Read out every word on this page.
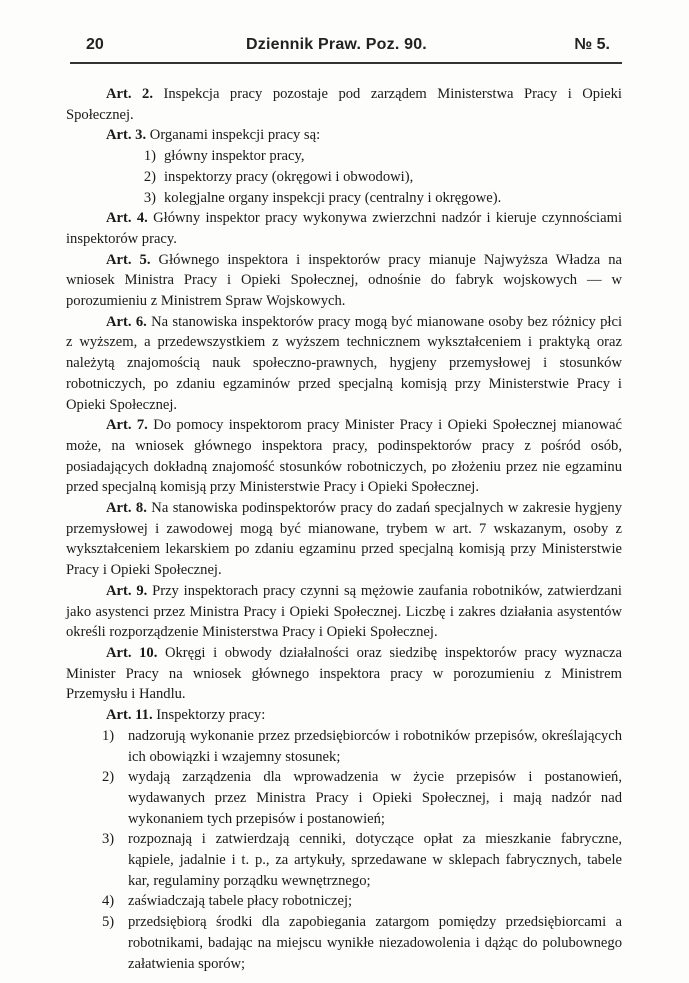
20	Dziennik Praw. Poz. 90.	№ 5.

Art. 2. Inspekcja pracy pozostaje pod zarządem Ministerstwa Pracy i Opieki Społecznej.

Art. 3. Organami inspekcji pracy są:

1) główny inspektor pracy,
2) inspektorzy pracy (okręgowi i obwodowi),
3) kolegjalne organy inspekcji pracy (centralny i okręgowe).

Art. 4. Główny inspektor pracy wykonywa zwierzchni nadzór i kieruje czynnościami inspektorów pracy.

Art. 5. Głównego inspektora i inspektorów pracy mianuje Najwyższa Władza na wniosek Ministra Pracy i Opieki Społecznej, odnośnie do fabryk wojskowych — w porozumieniu z Ministrem Spraw Wojskowych.

Art. 6. Na stanowiska inspektorów pracy mogą być mianowane osoby bez różnicy płci z wyższem, a przedewszystkiem z wyższem technicznem wykształceniem i praktyką oraz należytą znajomością nauk społeczno-prawnych, hygjeny przemysłowej i stosunków robotniczych, po zdaniu egzaminów przed specjalną komisją przy Ministerstwie Pracy i Opieki Społecznej.

Art. 7. Do pomocy inspektorom pracy Minister Pracy i Opieki Społecznej mianować może, na wniosek głównego inspektora pracy, podinspektorów pracy z pośród osób, posiadających dokładną znajomość stosunków robotniczych, po złożeniu przez nie egzaminu przed specjalną komisją przy Ministerstwie Pracy i Opieki Społecznej.

Art. 8. Na stanowiska podinspektorów pracy do zadań specjalnych w zakresie hygjeny przemysłowej i zawodowej mogą być mianowane, trybem w art. 7 wskazanym, osoby z wykształceniem lekarskiem po zdaniu egzaminu przed specjalną komisją przy Ministerstwie Pracy i Opieki Społecznej.

Art. 9. Przy inspektorach pracy czynni są mężowie zaufania robotników, zatwierdzani jako asystenci przez Ministra Pracy i Opieki Społecznej. Liczbę i zakres działania asystentów określi rozporządzenie Ministerstwa Pracy i Opieki Społecznej.

Art. 10. Okręgi i obwody działalności oraz siedzibę inspektorów pracy wyznacza Minister Pracy na wniosek głównego inspektora pracy w porozumieniu z Ministrem Przemysłu i Handlu.

Art. 11. Inspektorzy pracy:

1) nadzorują wykonanie przez przedsiębiorców i robotników przepisów, określających ich obowiązki i wzajemny stosunek;
2) wydają zarządzenia dla wprowadzenia w życie przepisów i postanowień, wydawanych przez Ministra Pracy i Opieki Społecznej, i mają nadzór nad wykonaniem tych przepisów i postanowień;
3) rozpoznają i zatwierdzają cenniki, dotyczące opłat za mieszkanie fabryczne, kąpiele, jadalnie i t. p., za artykuły, sprzedawane w sklepach fabrycznych, tabele kar, regulaminy porządku wewnętrznego;
4) zaświadczają tabele płacy robotniczej;
5) przedsiębiorą środki dla zapobiegania zatargom pomiędzy przedsiębiorcami a robotnikami, badając na miejscu wynikłe niezadowolenia i dążąc do polubownego załatwienia sporów;
